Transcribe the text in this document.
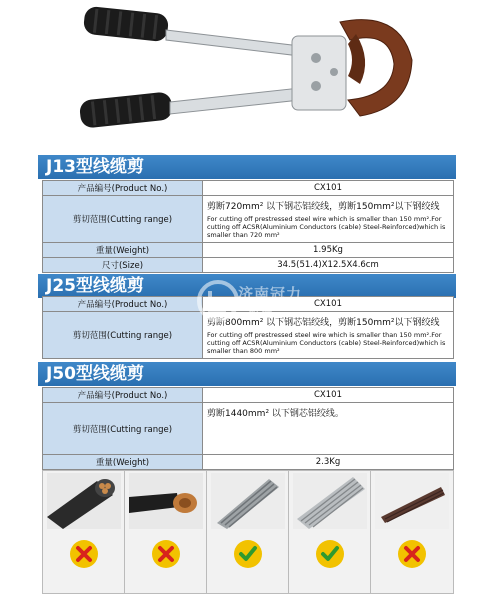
J13型线缆剪
产品编号(Product No.)	CX101
剪切范围(Cutting range)	剪断720mm² 以下钢芯铝绞线，剪断150mm²以下钢绞线
For cutting off prestressed steel wire which is smaller than 150 mm².For cutting off ACSR(Aluminium Conductors (cable) Steel-Reinforced)which is smaller than 720 mm²

重量(Weight)	1.95Kg
尺寸(Size)	34.5(51.4)X12.5X4.6cm
J25型线缆剪
产品编号(Product No.)	CX101
剪切范围(Cutting range)	剪断800mm² 以下钢芯铝绞线，剪断150mm²以下钢绞线
For cutting off prestressed steel wire which is smaller than 150 mm².For cutting off ACSR(Aluminium Conductors (cable) Steel-Reinforced)which is smaller than 800 mm²
济南冠力
机械
J50型线缆剪
产品编号(Product No.)	CX101
剪切范围(Cutting range)	剪断1440mm² 以下钢芯铝绞线。

重量(Weight)	2.3Kg
